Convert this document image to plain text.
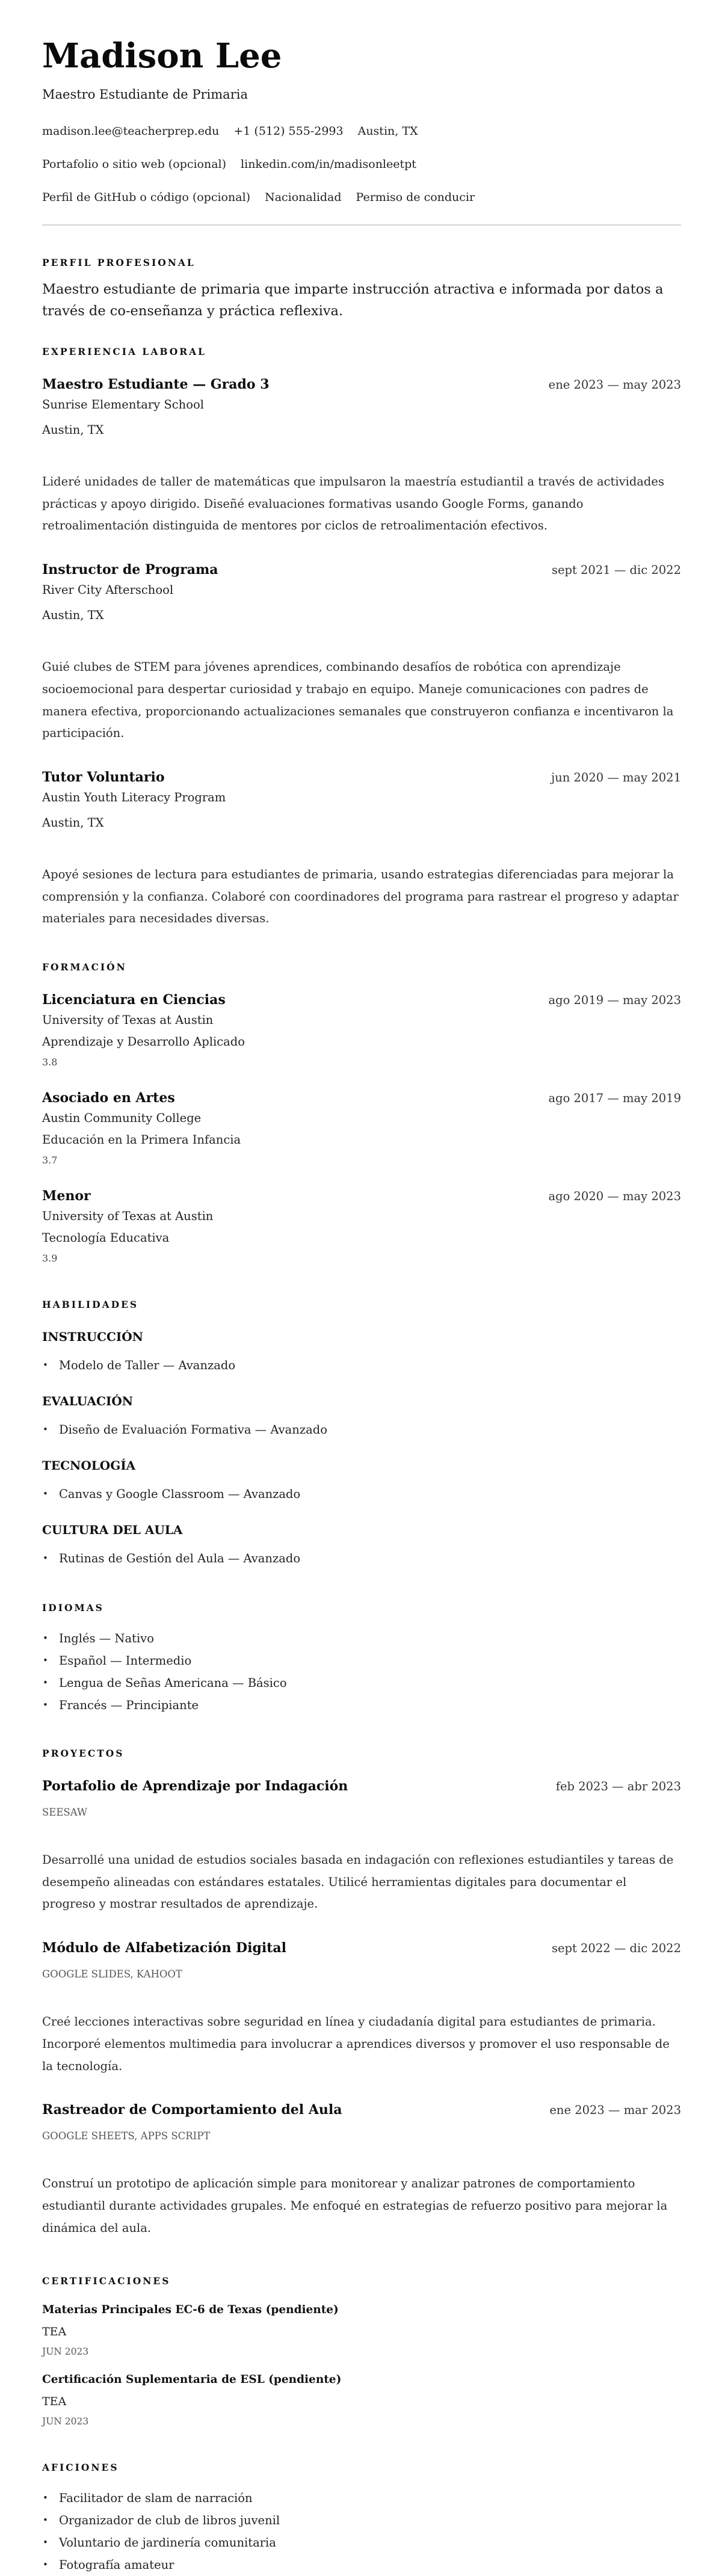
Madison Lee
Maestro Estudiante de Primaria
madison.lee@teacherprep.edu +1 (512) 555-2993 Austin, TX
Portafolio o sitio web (opcional) linkedin.com/in/madisonleetpt
Perfil de GitHub o código (opcional) Nacionalidad Permiso de conducir
PERFIL PROFESIONAL

Maestro estudiante de primaria que imparte instrucción atractiva e informada por datos a través de co-enseñanza y práctica reflexiva.

EXPERIENCIA LABORAL
Maestro Estudiante — Grado 3	ene 2023 — may 2023
Sunrise Elementary School
Austin, TX
Lideré unidades de taller de matemáticas que impulsaron la maestría estudiantil a través de actividades prácticas y apoyo dirigido. Diseñé evaluaciones formativas usando Google Forms, ganando retroalimentación distinguida de mentores por ciclos de retroalimentación efectivos.
Instructor de Programa	sept 2021 — dic 2022
River City Afterschool
Austin, TX
Guié clubes de STEM para jóvenes aprendices, combinando desafíos de robótica con aprendizaje socioemocional para despertar curiosidad y trabajo en equipo. Maneje comunicaciones con padres de manera efectiva, proporcionando actualizaciones semanales que construyeron confianza e incentivaron la participación.
Tutor Voluntario	jun 2020 — may 2021
Austin Youth Literacy Program
Austin, TX
Apoyé sesiones de lectura para estudiantes de primaria, usando estrategias diferenciadas para mejorar la comprensión y la confianza. Colaboré con coordinadores del programa para rastrear el progreso y adaptar materiales para necesidades diversas.
FORMACIÓN
Licenciatura en Ciencias	ago 2019 — may 2023
University of Texas at Austin
Aprendizaje y Desarrollo Aplicado
3.8
Asociado en Artes	ago 2017 — may 2019
Austin Community College
Educación en la Primera Infancia
3.7
Menor	ago 2020 — may 2023
University of Texas at Austin
Tecnología Educativa
3.9
HABILIDADES
INSTRUCCIÓN
• Modelo de Taller — Avanzado
EVALUACIÓN
• Diseño de Evaluación Formativa — Avanzado
TECNOLOGÍA
• Canvas y Google Classroom — Avanzado
CULTURA DEL AULA
• Rutinas de Gestión del Aula — Avanzado
IDIOMAS
• Inglés — Nativo
• Español — Intermedio
• Lengua de Señas Americana — Básico
• Francés — Principiante
PROYECTOS
Portafolio de Aprendizaje por Indagación	feb 2023 — abr 2023
SEESAW
Desarrollé una unidad de estudios sociales basada en indagación con reflexiones estudiantiles y tareas de desempeño alineadas con estándares estatales. Utilicé herramientas digitales para documentar el progreso y mostrar resultados de aprendizaje.
Módulo de Alfabetización Digital	sept 2022 — dic 2022
GOOGLE SLIDES, KAHOOT
Creé lecciones interactivas sobre seguridad en línea y ciudadanía digital para estudiantes de primaria. Incorporé elementos multimedia para involucrar a aprendices diversos y promover el uso responsable de la tecnología.
Rastreador de Comportamiento del Aula	ene 2023 — mar 2023
GOOGLE SHEETS, APPS SCRIPT
Construí un prototipo de aplicación simple para monitorear y analizar patrones de comportamiento estudiantil durante actividades grupales. Me enfoqué en estrategias de refuerzo positivo para mejorar la dinámica del aula.
CERTIFICACIONES
Materias Principales EC-6 de Texas (pendiente)
TEA
JUN 2023
Certificación Suplementaria de ESL (pendiente)
TEA
JUN 2023
AFICIONES
• Facilitador de slam de narración
• Organizador de club de libros juvenil
• Voluntario de jardinería comunitaria
• Fotografía amateur
